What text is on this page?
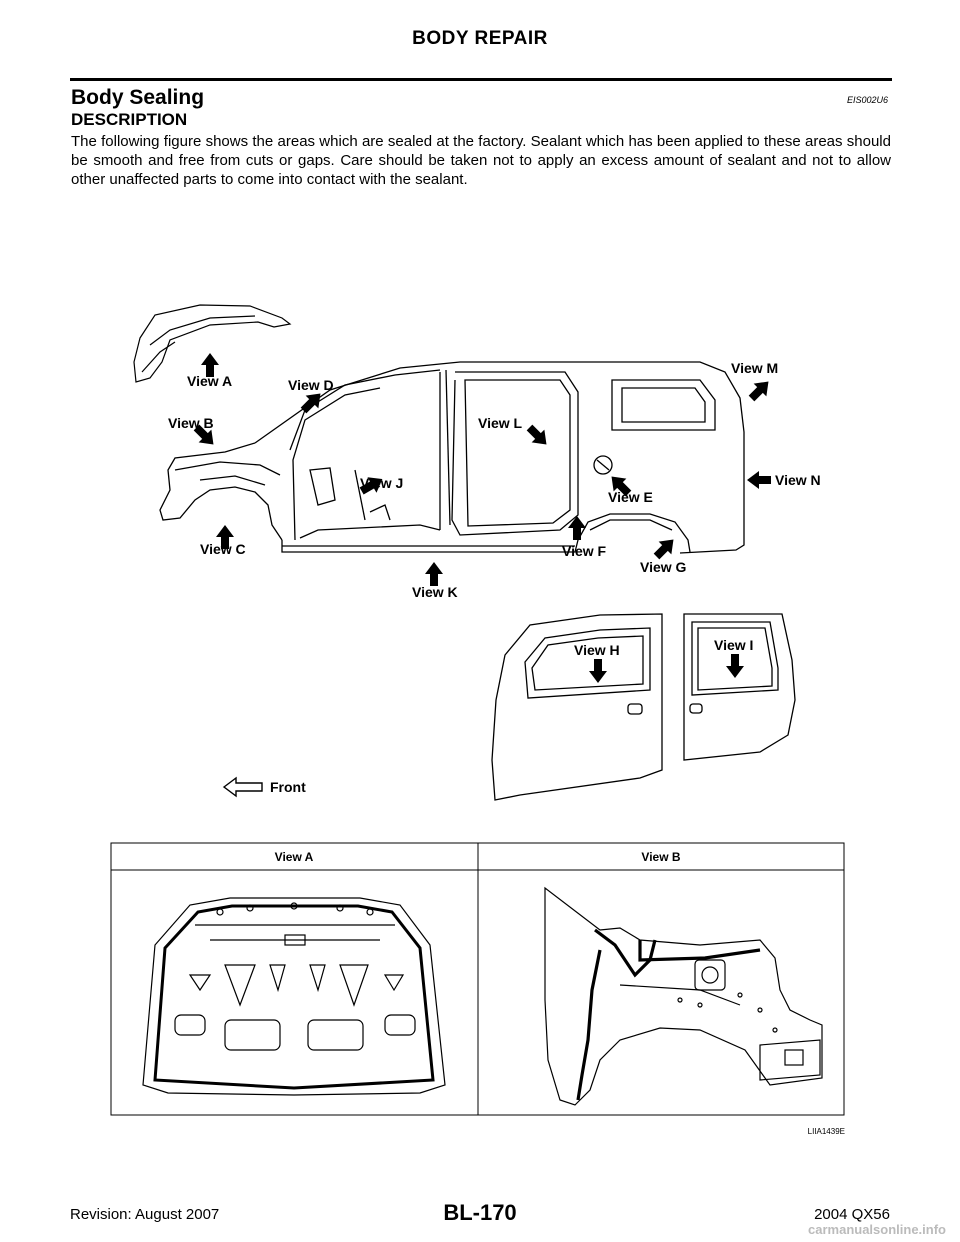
BODY REPAIR
Body Sealing	EIS002U6
DESCRIPTION
The following figure shows the areas which are sealed at the factory. Sealant which has been applied to these areas should be smooth and free from cuts or gaps. Care should be taken not to apply an excess amount of sealant and not to allow other unaffected parts to come into contact with the sealant.
View A
View B
View C
View D
View E
View F
View G
View H	View I
View J
View K
View L
View M
View N
Front
View A	View B
LIIA1439E
Revision: August 2007	BL-170	2004 QX56
carmanualsonline.info
